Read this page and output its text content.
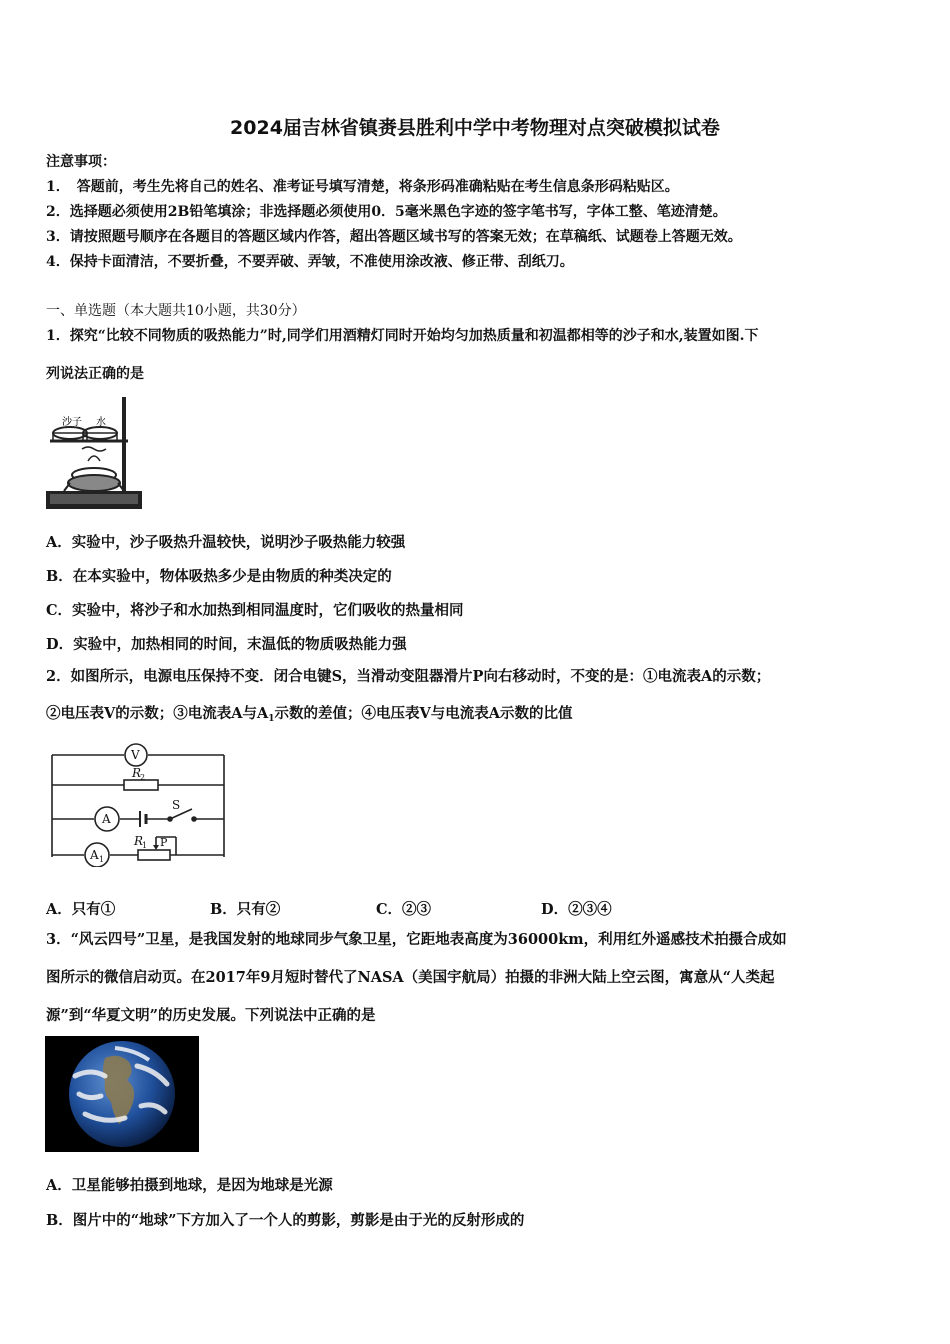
2024届吉林省镇赉县胜利中学中考物理对点突破模拟试卷
注意事项：
1．　答题前，考生先将自己的姓名、准考证号填写清楚，将条形码准确粘贴在考生信息条形码粘贴区。
2．选择题必须使用2B铅笔填涂；非选择题必须使用0．5毫米黑色字迹的签字笔书写，字体工整、笔迹清楚。
3．请按照题号顺序在各题目的答题区域内作答，超出答题区域书写的答案无效；在草稿纸、试题卷上答题无效。
4．保持卡面清洁，不要折叠，不要弄破、弄皱，不准使用涂改液、修正带、刮纸刀。
一、单选题（本大题共10小题，共30分）
1．探究“比较不同物质的吸热能力”时,同学们用酒精灯同时开始均匀加热质量和初温都相等的沙子和水,装置如图.下
列说法正确的是
沙子 水
A．实验中，沙子吸热升温较快，说明沙子吸热能力较强
B．在本实验中，物体吸热多少是由物质的种类决定的
C．实验中，将沙子和水加热到相同温度时，它们吸收的热量相同
D．实验中，加热相同的时间，末温低的物质吸热能力强
2．如图所示，电源电压保持不变．闭合电键S，当滑动变阻器滑片P向右移动时，不变的是：①电流表A的示数；
②电压表V的示数；③电流表A与$A_1$示数的差值；④电压表V与电流表A示数的比值
V
A
A 1
R
2
S
R
1 P
A．只有①	B．只有②	C．②③	D．②③④
3．“风云四号”卫星，是我国发射的地球同步气象卫星，它距地表高度为36000km，利用红外遥感技术拍摄合成如
图所示的微信启动页。在2017年9月短时替代了NASA（美国宇航局）拍摄的非洲大陆上空云图，寓意从“人类起
源”到“华夏文明”的历史发展。下列说法中正确的是
A．卫星能够拍摄到地球，是因为地球是光源
B．图片中的“地球”下方加入了一个人的剪影，剪影是由于光的反射形成的
